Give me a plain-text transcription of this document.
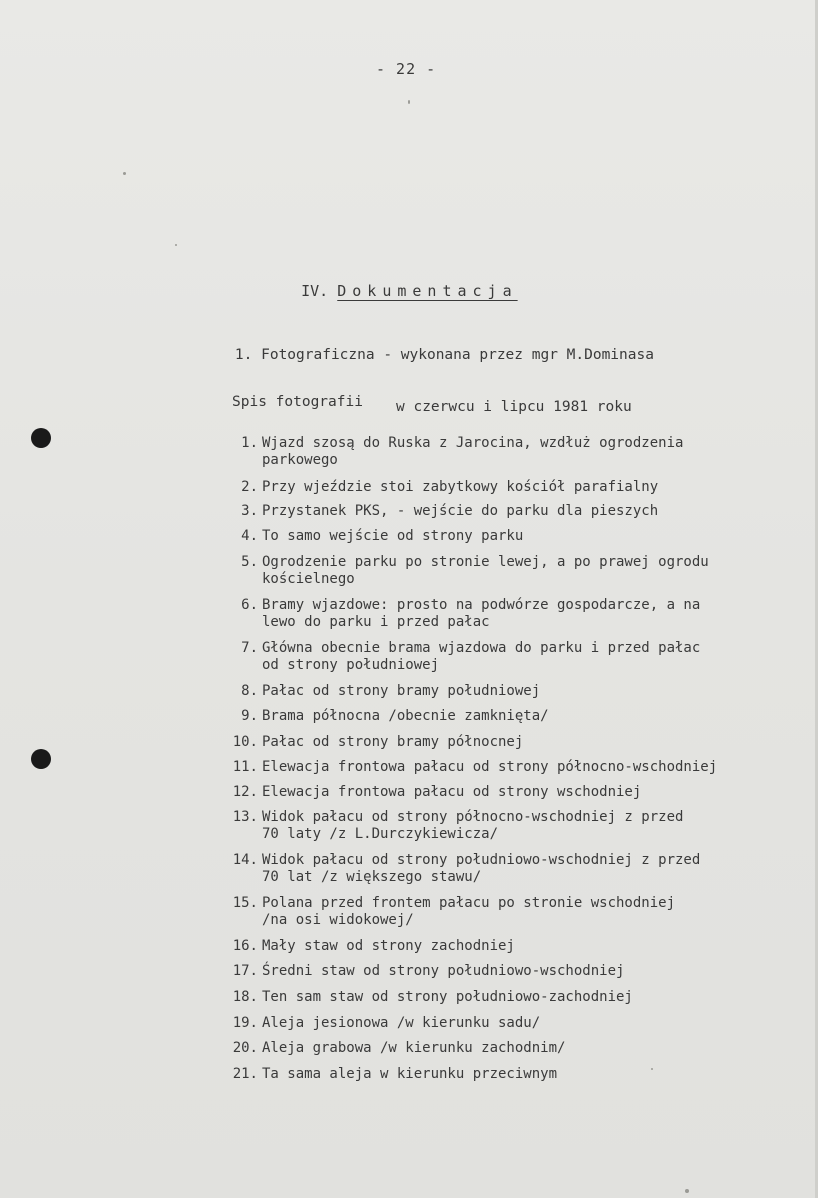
- 22 -

IV. Dokumentacja

1. Fotograficzna - wykonana przez mgr M.Dominasa

w czerwcu i lipcu 1981 roku

Spis fotografii
1. Wjazd szosą do Ruska z Jarocina, wzdłuż ogrodzenia
parkowego
2. Przy wjeździe stoi zabytkowy kościół parafialny
3. Przystanek PKS, - wejście do parku dla pieszych
4. To samo wejście od strony parku
5. Ogrodzenie parku po stronie lewej, a po prawej ogrodu
kościelnego
6. Bramy wjazdowe: prosto na podwórze gospodarcze, a na
lewo do parku i przed pałac
7. Główna obecnie brama wjazdowa do parku i przed pałac
od strony południowej
8. Pałac od strony bramy południowej
9. Brama północna /obecnie zamknięta/
10. Pałac od strony bramy północnej
11. Elewacja frontowa pałacu od strony północno-wschodniej
12. Elewacja frontowa pałacu od strony wschodniej
13. Widok pałacu od strony północno-wschodniej z przed
70 laty /z L.Durczykiewicza/
14. Widok pałacu od strony południowo-wschodniej z przed
70 lat /z większego stawu/
15. Polana przed frontem pałacu po stronie wschodniej
/na osi widokowej/
16. Mały staw od strony zachodniej
17. Średni staw od strony południowo-wschodniej
18. Ten sam staw od strony południowo-zachodniej
19. Aleja jesionowa /w kierunku sadu/
20. Aleja grabowa /w kierunku zachodnim/
21. Ta sama aleja w kierunku przeciwnym
